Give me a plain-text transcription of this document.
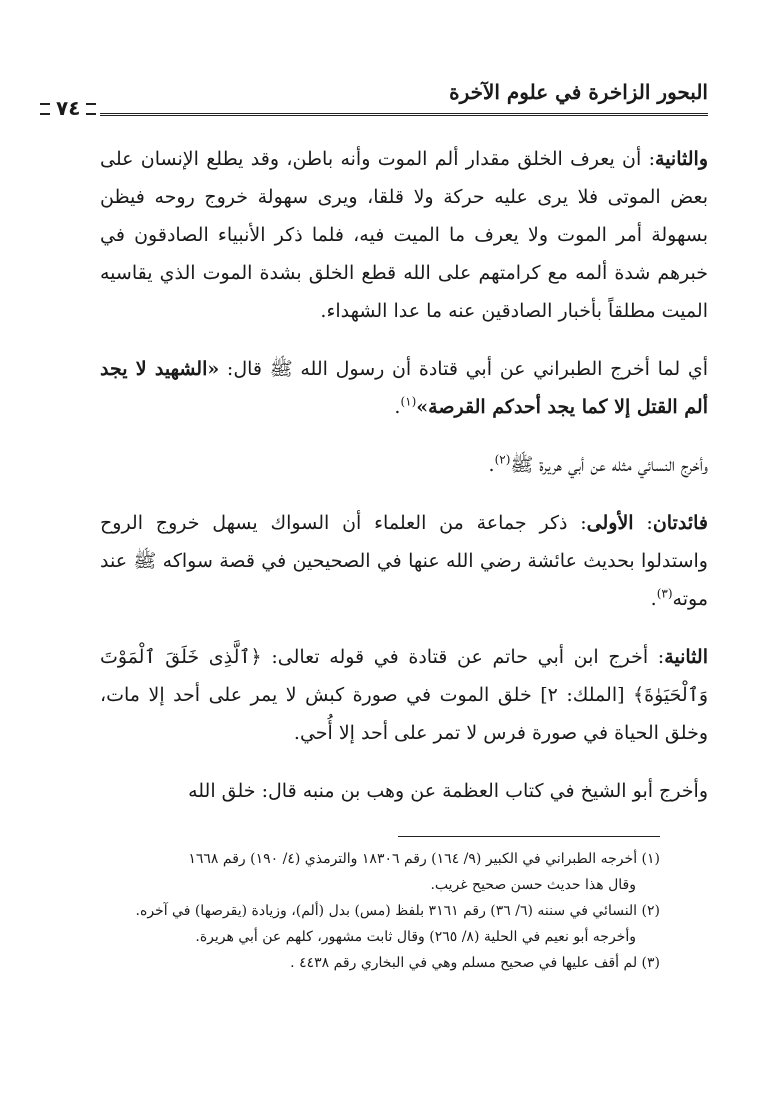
البحور الزاخرة في علوم الآخرة
٧٤

والثانية: أن يعرف الخلق مقدار ألم الموت وأنه باطن، وقد يطلع الإنسان على بعض الموتى فلا يرى عليه حركة ولا قلقا، ويرى سهولة خروج روحه فيظن بسهولة أمر الموت ولا يعرف ما الميت فيه، فلما ذكر الأنبياء الصادقون في خبرهم شدة ألمه مع كرامتهم على الله قطع الخلق بشدة الموت الذي يقاسيه الميت مطلقاً بأخبار الصادقين عنه ما عدا الشهداء.

أي لما أخرج الطبراني عن أبي قتادة أن رسول الله ﷺ قال: «الشهيد لا يجد ألم القتل إلا كما يجد أحدكم القرصة»$^{(١)}$.

وأخرج النسائي مثله عن أبي هريرة ﷺ$^{(٢)}$.

فائدتان: الأولى: ذكر جماعة من العلماء أن السواك يسهل خروج الروح واستدلوا بحديث عائشة رضي الله عنها في الصحيحين في قصة سواكه ﷺ عند موته$^{(٣)}$.

الثانية: أخرج ابن أبي حاتم عن قتادة في قوله تعالى: ﴿ٱلَّذِى خَلَقَ ٱلْمَوْتَ وَٱلْحَيَوٰةَ﴾ [الملك: ٢] خلق الموت في صورة كبش لا يمر على أحد إلا مات، وخلق الحياة في صورة فرس لا تمر على أحد إلا أُحي.

وأخرج أبو الشيخ في كتاب العظمة عن وهب بن منبه قال: خلق الله

(١) أخرجه الطبراني في الكبير (٩/ ١٦٤) رقم ١٨٣٠٦ والترمذي (٤/ ١٩٠) رقم ١٦٦٨

وقال هذا حديث حسن صحيح غريب.

(٢) النسائي في سننه (٦/ ٣٦) رقم ٣١٦١ بلفظ (مس) بدل (ألم)، وزيادة (يقرصها) في آخره.

وأخرجه أبو نعيم في الحلية (٨/ ٢٦٥) وقال ثابت مشهور، كلهم عن أبي هريرة.

(٣) لم أقف عليها في صحيح مسلم وهي في البخاري رقم ٤٤٣٨ .
